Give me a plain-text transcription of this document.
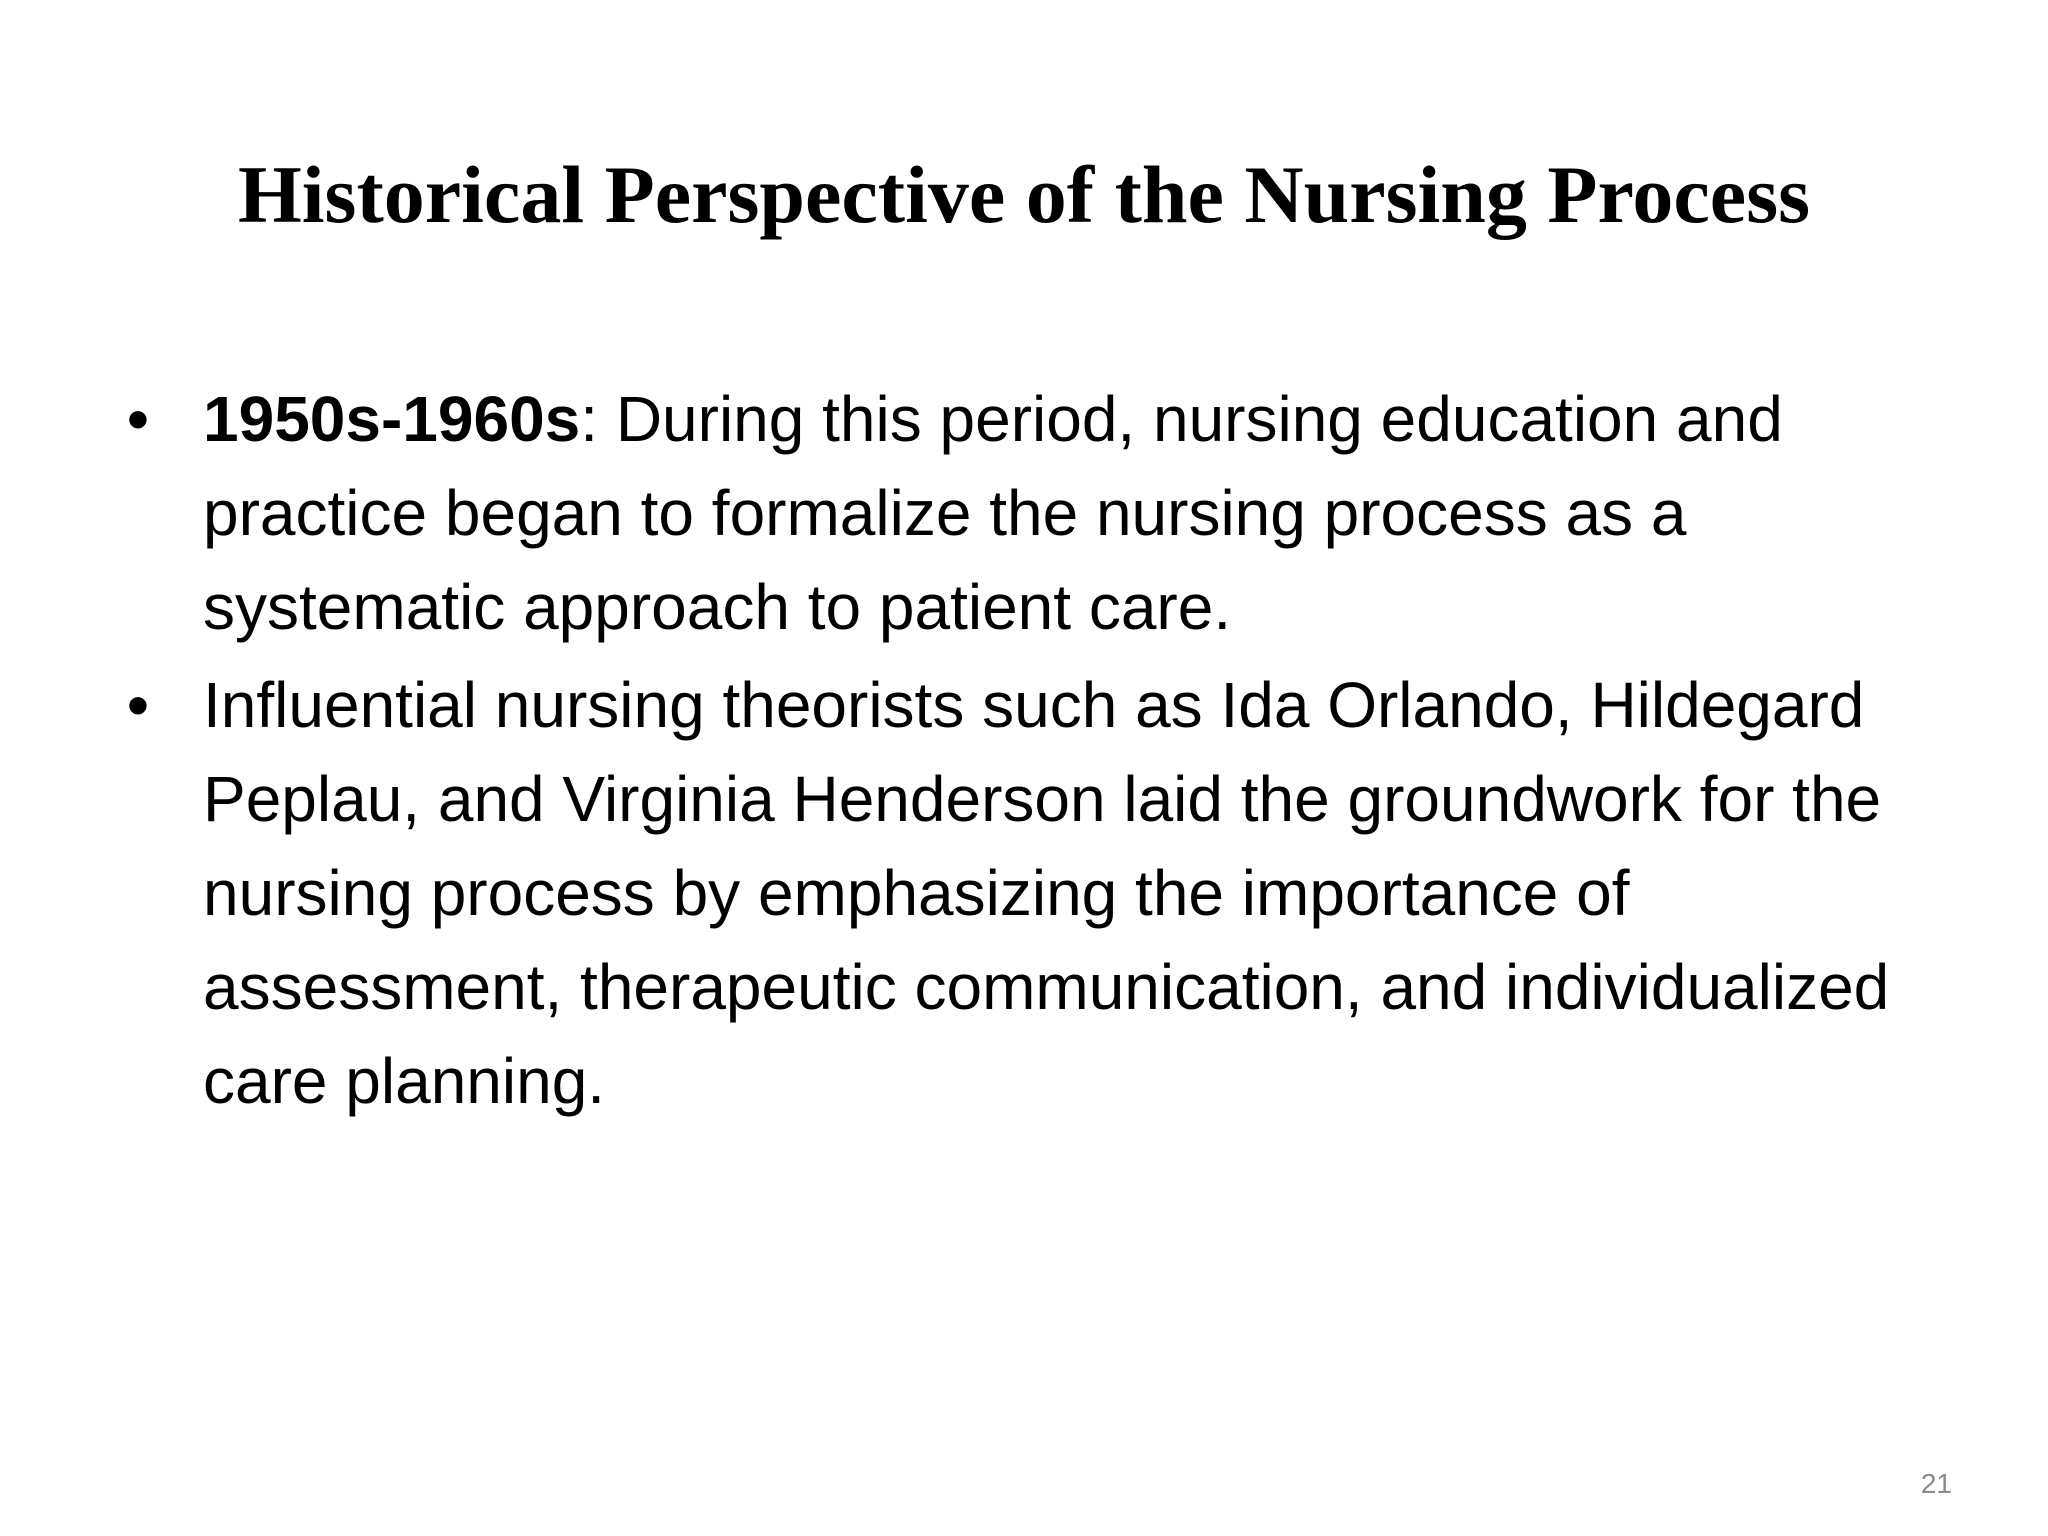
Historical Perspective of the Nursing Process
• 1950s-1960s: During this period, nursing education and practice began to formalize the nursing process as a systematic approach to patient care.
• Influential nursing theorists such as Ida Orlando, Hildegard Peplau, and Virginia Henderson laid the groundwork for the nursing process by emphasizing the importance of assessment, therapeutic communication, and individualized care planning.
21
